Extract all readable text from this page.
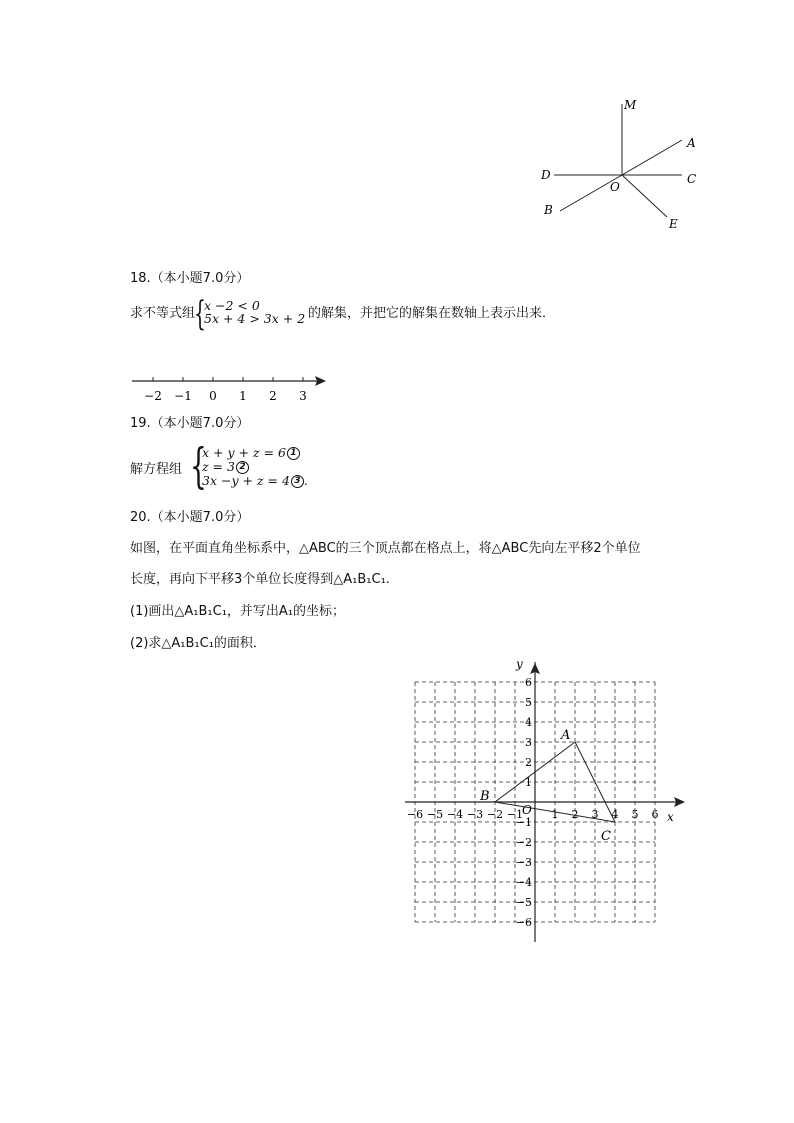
M
A
C
D
O
B
E
18.（本小题7.0分）
求不等式组
{
x −2 < 0
5x + 4 > 3x + 2 的解集，并把它的解集在数轴上表示出来．
−2 −1 0 1 2 3
19.（本小题7.0分）
解方程组 {
x + y + z = 6 1
z = 3 2
3x −y + z = 4 3 .
20.（本小题7.0分）
如图，在平面直角坐标系中，△ABC的三个顶点都在格点上，将△ABC先向左平移2个单位
长度，再向下平移3个单位长度得到△A₁B₁C₁.
(1)画出△A₁B₁C₁，并写出A₁的坐标；
(2)求△A₁B₁C₁的面积．
x
y
O
−6 −5 −4 −3 −2 −1	1 2 3 4 5 6
6
5
4
3
2
1
−1
−2
−3
−4
−5
−6
A
B
C
